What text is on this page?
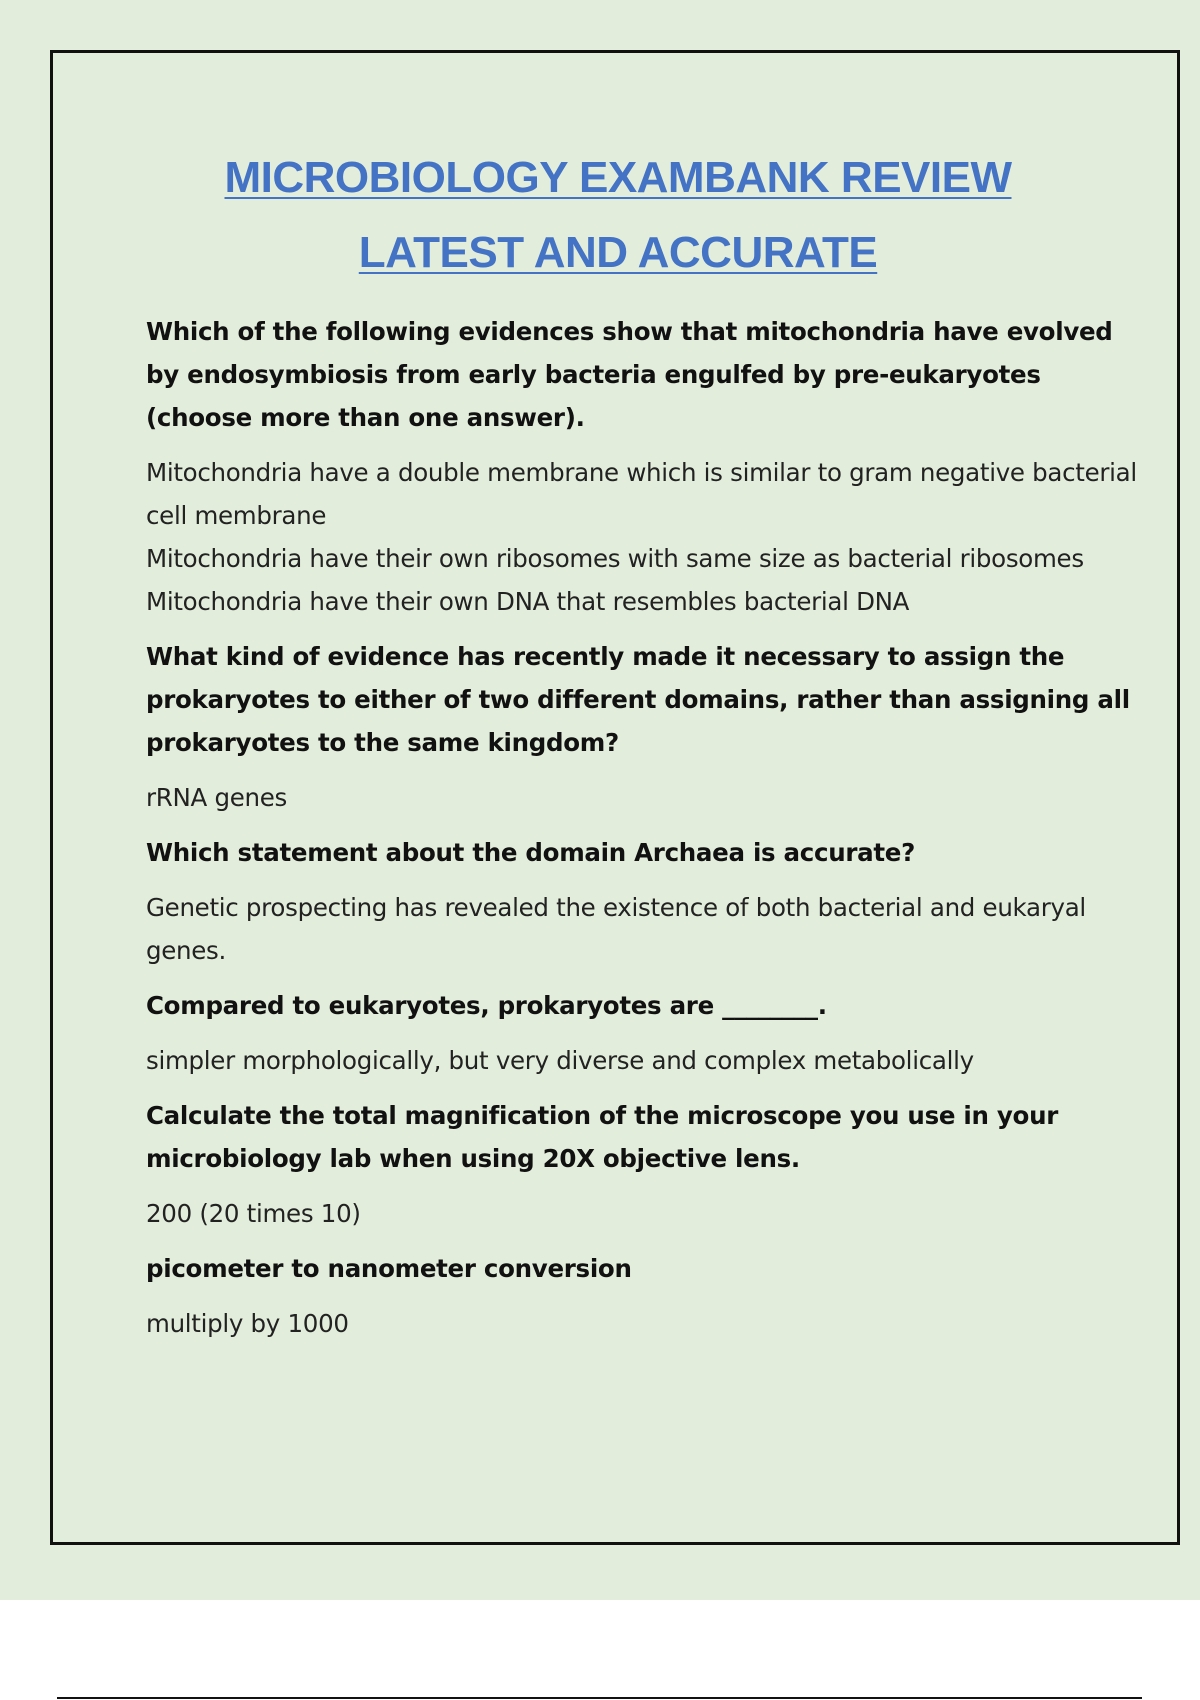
MICROBIOLOGY EXAMBANK REVIEW
LATEST AND ACCURATE

Which of the following evidences show that mitochondria have evolved by endosymbiosis from early bacteria engulfed by pre-eukaryotes (choose more than one answer).

Mitochondria have a double membrane which is similar to gram negative bacterial cell membrane

Mitochondria have their own ribosomes with same size as bacterial ribosomes

Mitochondria have their own DNA that resembles bacterial DNA

What kind of evidence has recently made it necessary to assign the prokaryotes to either of two different domains, rather than assigning all prokaryotes to the same kingdom?

rRNA genes

Which statement about the domain Archaea is accurate?

Genetic prospecting has revealed the existence of both bacterial and eukaryal genes.

Compared to eukaryotes, prokaryotes are ________.

simpler morphologically, but very diverse and complex metabolically

Calculate the total magnification of the microscope you use in your microbiology lab when using 20X objective lens.

200 (20 times 10)

picometer to nanometer conversion

multiply by 1000
